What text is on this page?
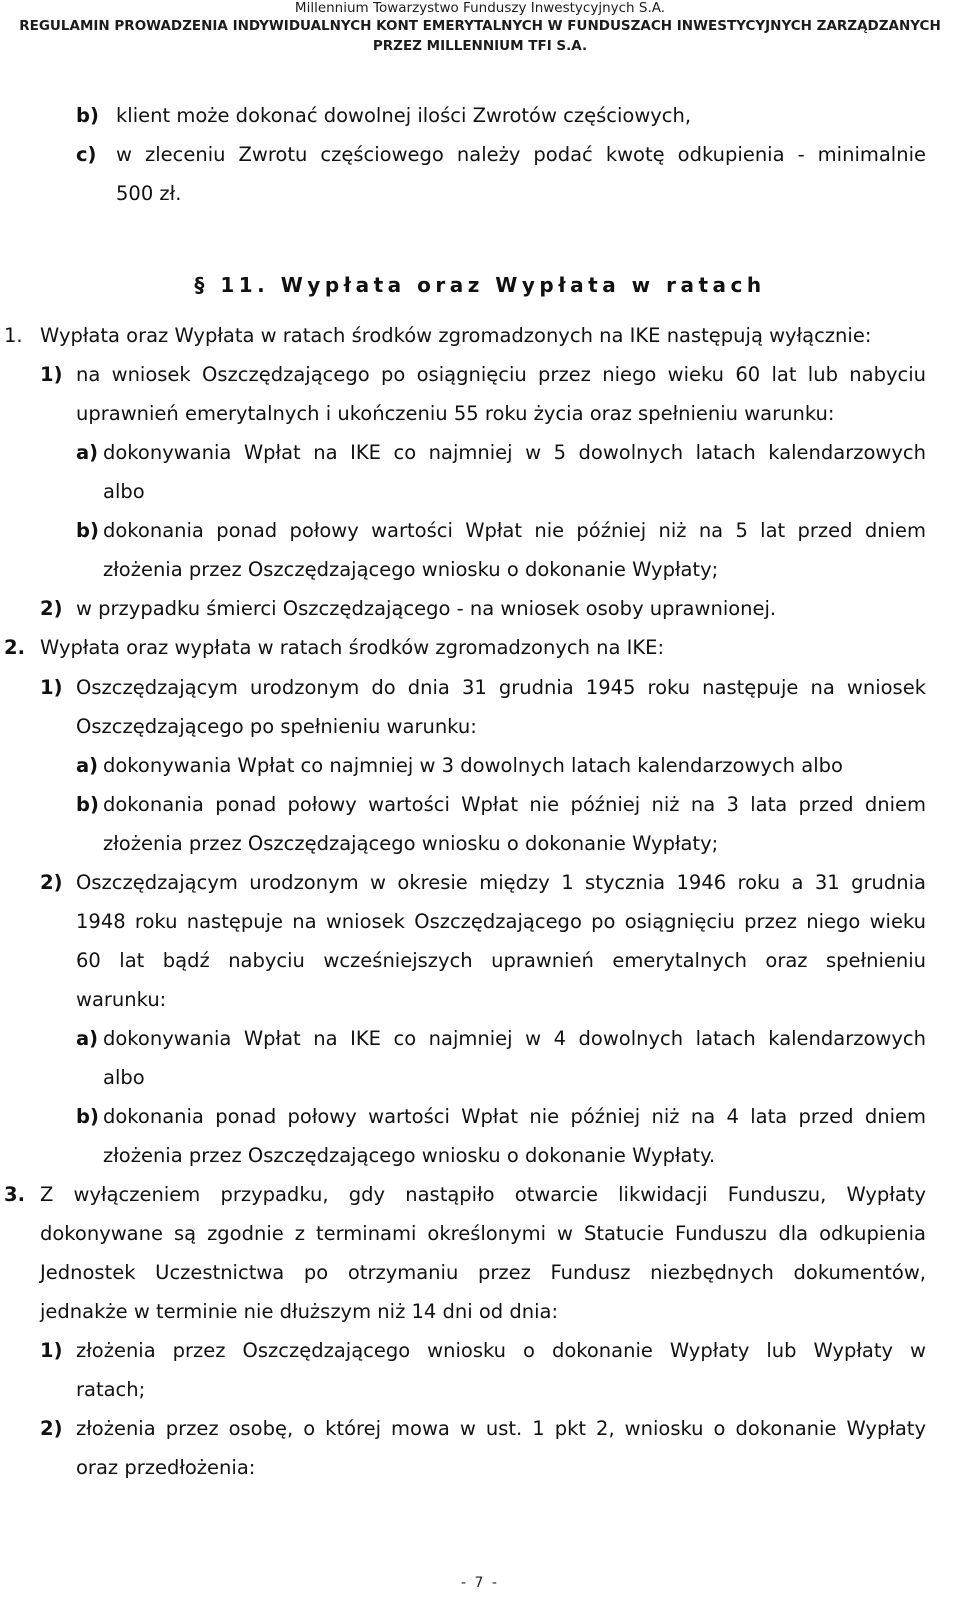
Millennium Towarzystwo Funduszy Inwestycyjnych S.A.
REGULAMIN PROWADZENIA INDYWIDUALNYCH KONT EMERYTALNYCH W FUNDUSZACH INWESTYCYJNYCH ZARZĄDZANYCH
PRZEZ MILLENNIUM TFI S.A.
b) klient może dokonać dowolnej ilości Zwrotów częściowych,
c) w zleceniu Zwrotu częściowego należy podać kwotę odkupienia - minimalnie
500 zł.
§ 11. Wypłata oraz Wypłata w ratach
1. Wypłata oraz Wypłata w ratach środków zgromadzonych na IKE następują wyłącznie:
1) na wniosek Oszczędzającego po osiągnięciu przez niego wieku 60 lat lub nabyciu
uprawnień emerytalnych i ukończeniu 55 roku życia oraz spełnieniu warunku:
a) dokonywania Wpłat na IKE co najmniej w 5 dowolnych latach kalendarzowych
albo
b) dokonania ponad połowy wartości Wpłat nie później niż na 5 lat przed dniem
złożenia przez Oszczędzającego wniosku o dokonanie Wypłaty;
2) w przypadku śmierci Oszczędzającego - na wniosek osoby uprawnionej.
2. Wypłata oraz wypłata w ratach środków zgromadzonych na IKE:
1) Oszczędzającym urodzonym do dnia 31 grudnia 1945 roku następuje na wniosek
Oszczędzającego po spełnieniu warunku:
a) dokonywania Wpłat co najmniej w 3 dowolnych latach kalendarzowych albo
b) dokonania ponad połowy wartości Wpłat nie później niż na 3 lata przed dniem
złożenia przez Oszczędzającego wniosku o dokonanie Wypłaty;
2) Oszczędzającym urodzonym w okresie między 1 stycznia 1946 roku a 31 grudnia
1948 roku następuje na wniosek Oszczędzającego po osiągnięciu przez niego wieku
60 lat bądź nabyciu wcześniejszych uprawnień emerytalnych oraz spełnieniu
warunku:
a) dokonywania Wpłat na IKE co najmniej w 4 dowolnych latach kalendarzowych
albo
b) dokonania ponad połowy wartości Wpłat nie później niż na 4 lata przed dniem
złożenia przez Oszczędzającego wniosku o dokonanie Wypłaty.
3. Z wyłączeniem przypadku, gdy nastąpiło otwarcie likwidacji Funduszu, Wypłaty
dokonywane są zgodnie z terminami określonymi w Statucie Funduszu dla odkupienia
Jednostek Uczestnictwa po otrzymaniu przez Fundusz niezbędnych dokumentów,
jednakże w terminie nie dłuższym niż 14 dni od dnia:
1) złożenia przez Oszczędzającego wniosku o dokonanie Wypłaty lub Wypłaty w
ratach;
2) złożenia przez osobę, o której mowa w ust. 1 pkt 2, wniosku o dokonanie Wypłaty
oraz przedłożenia:
- 7 -
